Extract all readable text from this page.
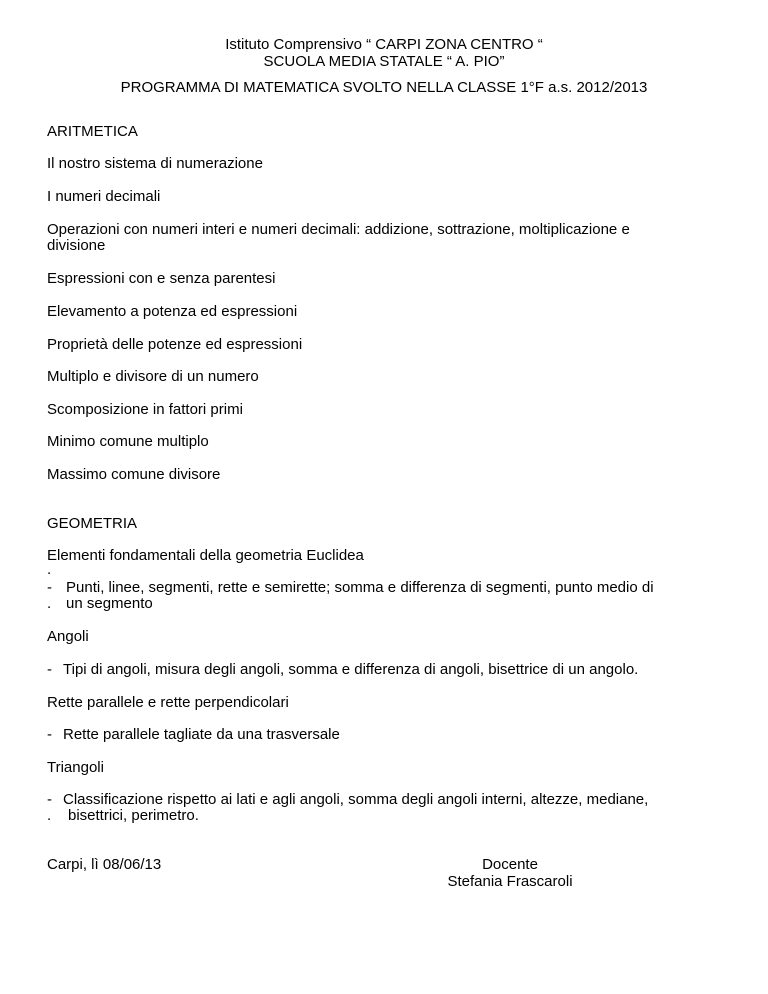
Istituto Comprensivo “ CARPI ZONA CENTRO “
SCUOLA MEDIA STATALE “ A. PIO”
PROGRAMMA DI MATEMATICA SVOLTO NELLA CLASSE 1°F a.s. 2012/2013
ARITMETICA
Il nostro sistema di numerazione
I numeri decimali
Operazioni con numeri interi e numeri decimali: addizione, sottrazione, moltiplicazione e
divisione
Espressioni con e senza parentesi
Elevamento a potenza ed espressioni
Proprietà delle potenze ed espressioni
Multiplo e divisore di un numero
Scomposizione in fattori primi
Minimo comune multiplo
Massimo comune divisore
GEOMETRIA
Elementi fondamentali della geometria Euclidea
.
- Punti, linee, segmenti, rette e semirette; somma e differenza di segmenti, punto medio di
. un segmento
Angoli
- Tipi di angoli, misura degli angoli, somma e differenza di angoli, bisettrice di un angolo.
Rette parallele e rette perpendicolari
- Rette parallele tagliate da una trasversale
Triangoli
- Classificazione rispetto ai lati e agli angoli, somma degli angoli interni, altezze, mediane,
. bisettrici, perimetro.
Carpi, lì 08/06/13	Docente
Stefania Frascaroli
